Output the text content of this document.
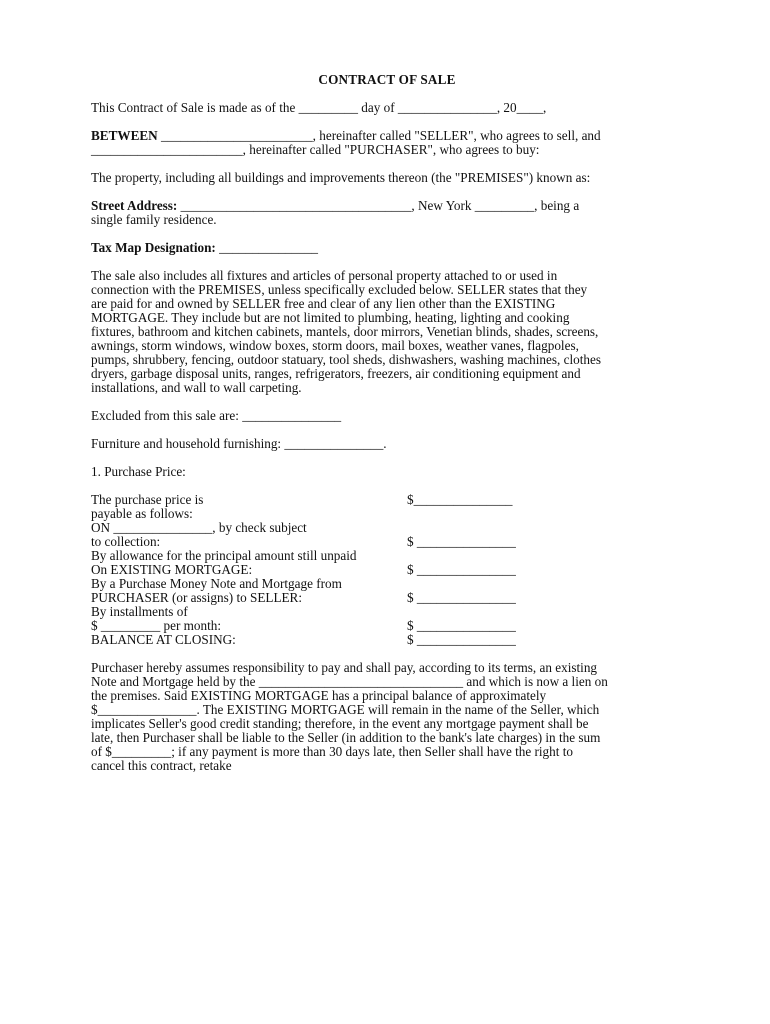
CONTRACT OF SALE
This Contract of Sale is made as of the _________ day of _______________, 20____,
BETWEEN _______________________, hereinafter called "SELLER", who agrees to sell, and
_______________________, hereinafter called "PURCHASER", who agrees to buy:
The property, including all buildings and improvements thereon (the "PREMISES") known as:
Street Address: ___________________________________, New York _________, being a
single family residence.
Tax Map Designation: _______________
The sale also includes all fixtures and articles of personal property attached to or used in
connection with the PREMISES, unless specifically excluded below. SELLER states that they
are paid for and owned by SELLER free and clear of any lien other than the EXISTING
MORTGAGE. They include but are not limited to plumbing, heating, lighting and cooking
fixtures, bathroom and kitchen cabinets, mantels, door mirrors, Venetian blinds, shades, screens,
awnings, storm windows, window boxes, storm doors, mail boxes, weather vanes, flagpoles,
pumps, shrubbery, fencing, outdoor statuary, tool sheds, dishwashers, washing machines, clothes
dryers, garbage disposal units, ranges, refrigerators, freezers, air conditioning equipment and
installations, and wall to wall carpeting.
Excluded from this sale are: _______________
Furniture and household furnishing: _______________.
1. Purchase Price:
The purchase price is	$_______________
payable as follows:
ON _______________, by check subject
to collection:	$ _______________
By allowance for the principal amount still unpaid
On EXISTING MORTGAGE:	$ _______________
By a Purchase Money Note and Mortgage from
PURCHASER (or assigns) to SELLER:	$ _______________
By installments of
$ _________ per month:	$ _______________
BALANCE AT CLOSING:	$ _______________
Purchaser hereby assumes responsibility to pay and shall pay, according to its terms, an existing
Note and Mortgage held by the _______________________________ and which is now a lien on
the premises. Said EXISTING MORTGAGE has a principal balance of approximately
$_______________. The EXISTING MORTGAGE will remain in the name of the Seller, which
implicates Seller's good credit standing; therefore, in the event any mortgage payment shall be
late, then Purchaser shall be liable to the Seller (in addition to the bank's late charges) in the sum
of $_________; if any payment is more than 30 days late, then Seller shall have the right to
cancel this contract, retake
